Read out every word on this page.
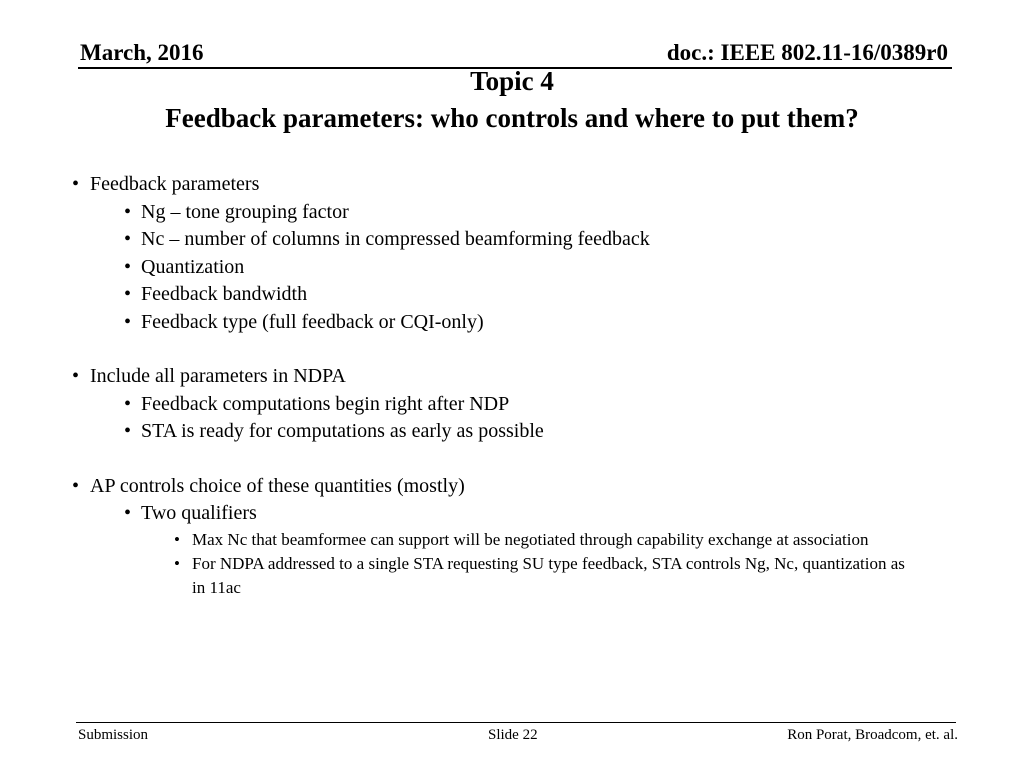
March, 2016	doc.: IEEE 802.11-16/0389r0
Topic 4
Feedback parameters: who controls and where to put them?
• Feedback parameters
• Ng – tone grouping factor
• Nc – number of columns in compressed beamforming feedback
• Quantization
• Feedback bandwidth
• Feedback type (full feedback or CQI-only)
• Include all parameters in NDPA
• Feedback computations begin right after NDP
• STA is ready for computations as early as possible
• AP controls choice of these quantities (mostly)
• Two qualifiers
• Max Nc that beamformee can support will be negotiated through capability exchange at association
• For NDPA addressed to a single STA requesting SU type feedback, STA controls Ng, Nc, quantization as in 11ac
Submission	Slide 22	Ron Porat, Broadcom, et. al.
